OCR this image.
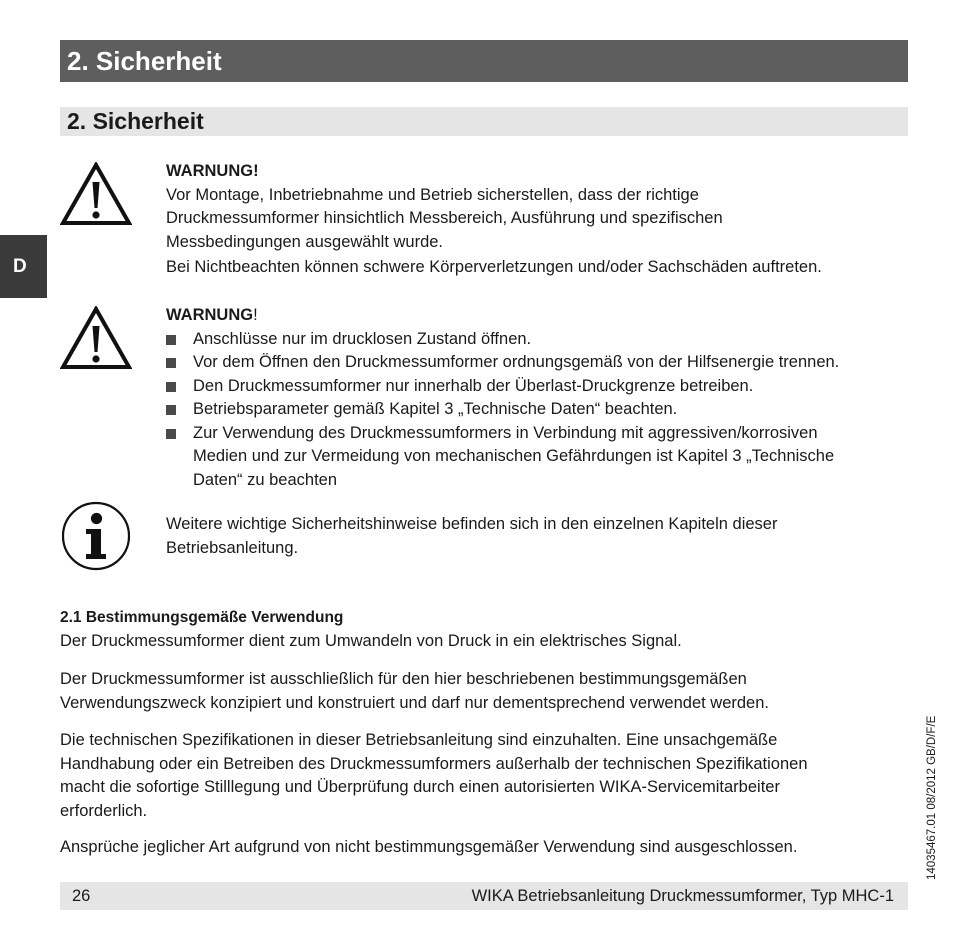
2. Sicherheit
2. Sicherheit
D
WARNUNG!
Vor Montage, Inbetriebnahme und Betrieb sicherstellen, dass der richtige
Druckmessumformer hinsichtlich Messbereich, Ausführung und spezifischen
Messbedingungen ausgewählt wurde.
Bei Nichtbeachten können schwere Körperverletzungen und/oder Sachschäden auftreten.
WARNUNG!
Anschlüsse nur im drucklosen Zustand öffnen.
Vor dem Öffnen den Druckmessumformer ordnungsgemäß von der Hilfsenergie trennen.
Den Druckmessumformer nur innerhalb der Überlast-Druckgrenze betreiben.
Betriebsparameter gemäß Kapitel 3 „Technische Daten“ beachten.
Zur Verwendung des Druckmessumformers in Verbindung mit aggressiven/korrosiven
Medien und zur Vermeidung von mechanischen Gefährdungen ist Kapitel 3 „Technische
Daten“ zu beachten
Weitere wichtige Sicherheitshinweise befinden sich in den einzelnen Kapiteln dieser
Betriebsanleitung.
2.1 Bestimmungsgemäße Verwendung
Der Druckmessumformer dient zum Umwandeln von Druck in ein elektrisches Signal.
Der Druckmessumformer ist ausschließlich für den hier beschriebenen bestimmungsgemäßen
Verwendungszweck konzipiert und konstruiert und darf nur dementsprechend verwendet werden.
Die technischen Spezifikationen in dieser Betriebsanleitung sind einzuhalten. Eine unsachgemäße
Handhabung oder ein Betreiben des Druckmessumformers außerhalb der technischen Spezifikationen
macht die sofortige Stilllegung und Überprüfung durch einen autorisierten WIKA-Servicemitarbeiter
erforderlich.
Ansprüche jeglicher Art aufgrund von nicht bestimmungsgemäßer Verwendung sind ausgeschlossen.	14035467.01 08/2012 GB/D/F/E
26	WIKA Betriebsanleitung Druckmessumformer, Typ MHC-1
